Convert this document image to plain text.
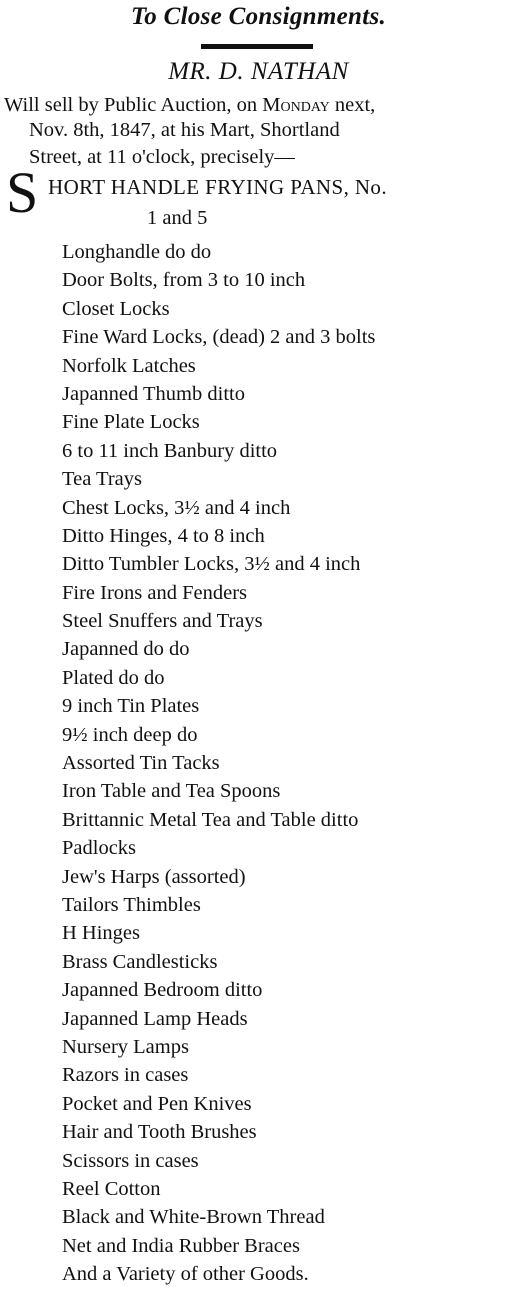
To Close Consignments.
MR. D. NATHAN
Will sell by Public Auction, on Monday next,
Nov. 8th, 1847, at his Mart, Shortland
Street, at 11 o'clock, precisely—
S HORT HANDLE FRYING PANS, No.
1 and 5
Longhandle do do
Door Bolts, from 3 to 10 inch
Closet Locks
Fine Ward Locks, (dead) 2 and 3 bolts
Norfolk Latches
Japanned Thumb ditto
Fine Plate Locks
6 to 11 inch Banbury ditto
Tea Trays
Chest Locks, 3½ and 4 inch
Ditto Hinges, 4 to 8 inch
Ditto Tumbler Locks, 3½ and 4 inch
Fire Irons and Fenders
Steel Snuffers and Trays
Japanned do do
Plated do do
9 inch Tin Plates
9½ inch deep do
Assorted Tin Tacks
Iron Table and Tea Spoons
Brittannic Metal Tea and Table ditto
Padlocks
Jew's Harps (assorted)
Tailors Thimbles
H Hinges
Brass Candlesticks
Japanned Bedroom ditto
Japanned Lamp Heads
Nursery Lamps
Razors in cases
Pocket and Pen Knives
Hair and Tooth Brushes
Scissors in cases
Reel Cotton
Black and White-Brown Thread
Net and India Rubber Braces
And a Variety of other Goods.
